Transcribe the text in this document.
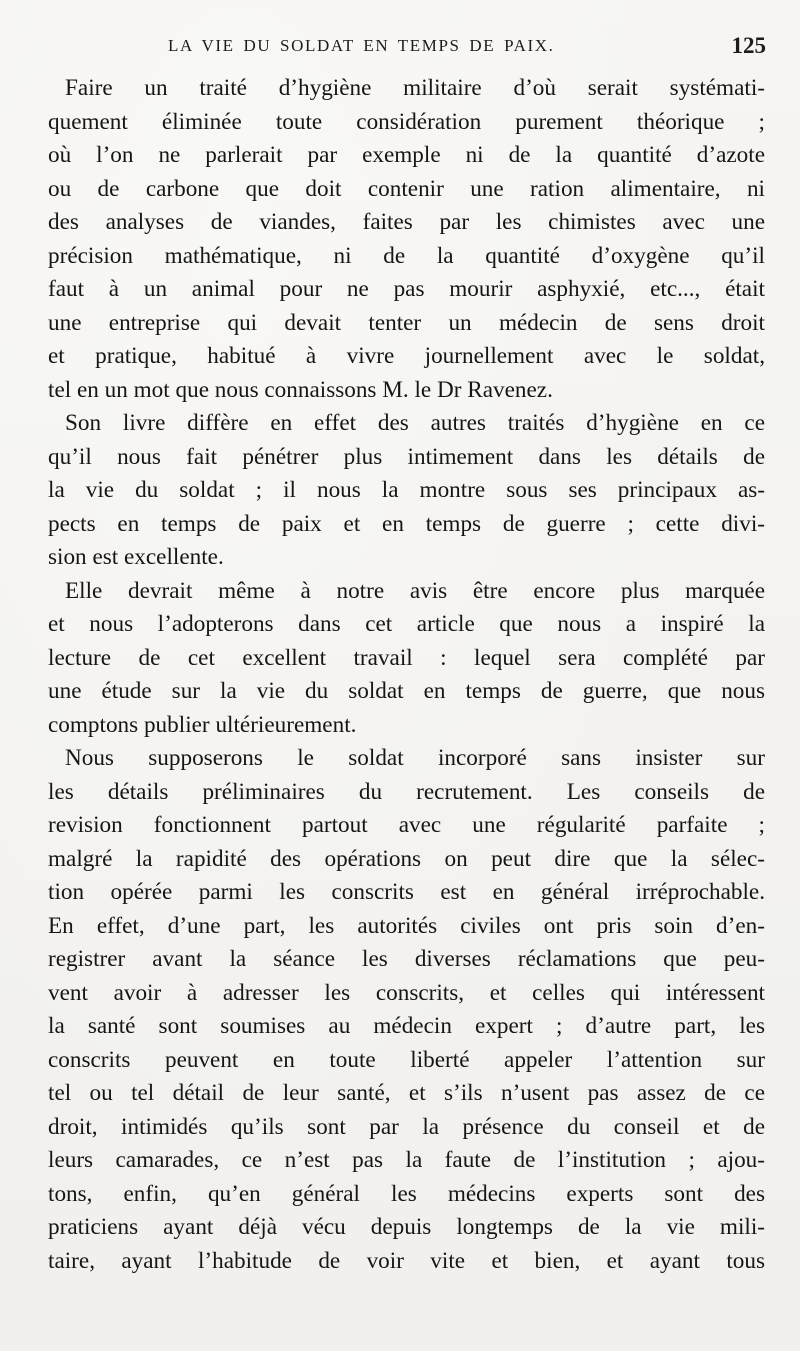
LA VIE DU SOLDAT EN TEMPS DE PAIX.	125
Faire un traité d’hygiène militaire d’où serait systémati-
quement éliminée toute considération purement théorique ;
où l’on ne parlerait par exemple ni de la quantité d’azote
ou de carbone que doit contenir une ration alimentaire, ni
des analyses de viandes, faites par les chimistes avec une
précision mathématique, ni de la quantité d’oxygène qu’il
faut à un animal pour ne pas mourir asphyxié, etc..., était
une entreprise qui devait tenter un médecin de sens droit
et pratique, habitué à vivre journellement avec le soldat,
tel en un mot que nous connaissons M. le Dr Ravenez.
Son livre diffère en effet des autres traités d’hygiène en ce
qu’il nous fait pénétrer plus intimement dans les détails de
la vie du soldat ; il nous la montre sous ses principaux as-
pects en temps de paix et en temps de guerre ; cette divi-
sion est excellente.
Elle devrait même à notre avis être encore plus marquée
et nous l’adopterons dans cet article que nous a inspiré la
lecture de cet excellent travail : lequel sera complété par
une étude sur la vie du soldat en temps de guerre, que nous
comptons publier ultérieurement.
Nous supposerons le soldat incorporé sans insister sur
les détails préliminaires du recrutement. Les conseils de
revision fonctionnent partout avec une régularité parfaite ;
malgré la rapidité des opérations on peut dire que la sélec-
tion opérée parmi les conscrits est en général irréprochable.
En effet, d’une part, les autorités civiles ont pris soin d’en-
registrer avant la séance les diverses réclamations que peu-
vent avoir à adresser les conscrits, et celles qui intéressent
la santé sont soumises au médecin expert ; d’autre part, les
conscrits peuvent en toute liberté appeler l’attention sur
tel ou tel détail de leur santé, et s’ils n’usent pas assez de ce
droit, intimidés qu’ils sont par la présence du conseil et de
leurs camarades, ce n’est pas la faute de l’institution ; ajou-
tons, enfin, qu’en général les médecins experts sont des
praticiens ayant déjà vécu depuis longtemps de la vie mili-
taire, ayant l’habitude de voir vite et bien, et ayant tous
